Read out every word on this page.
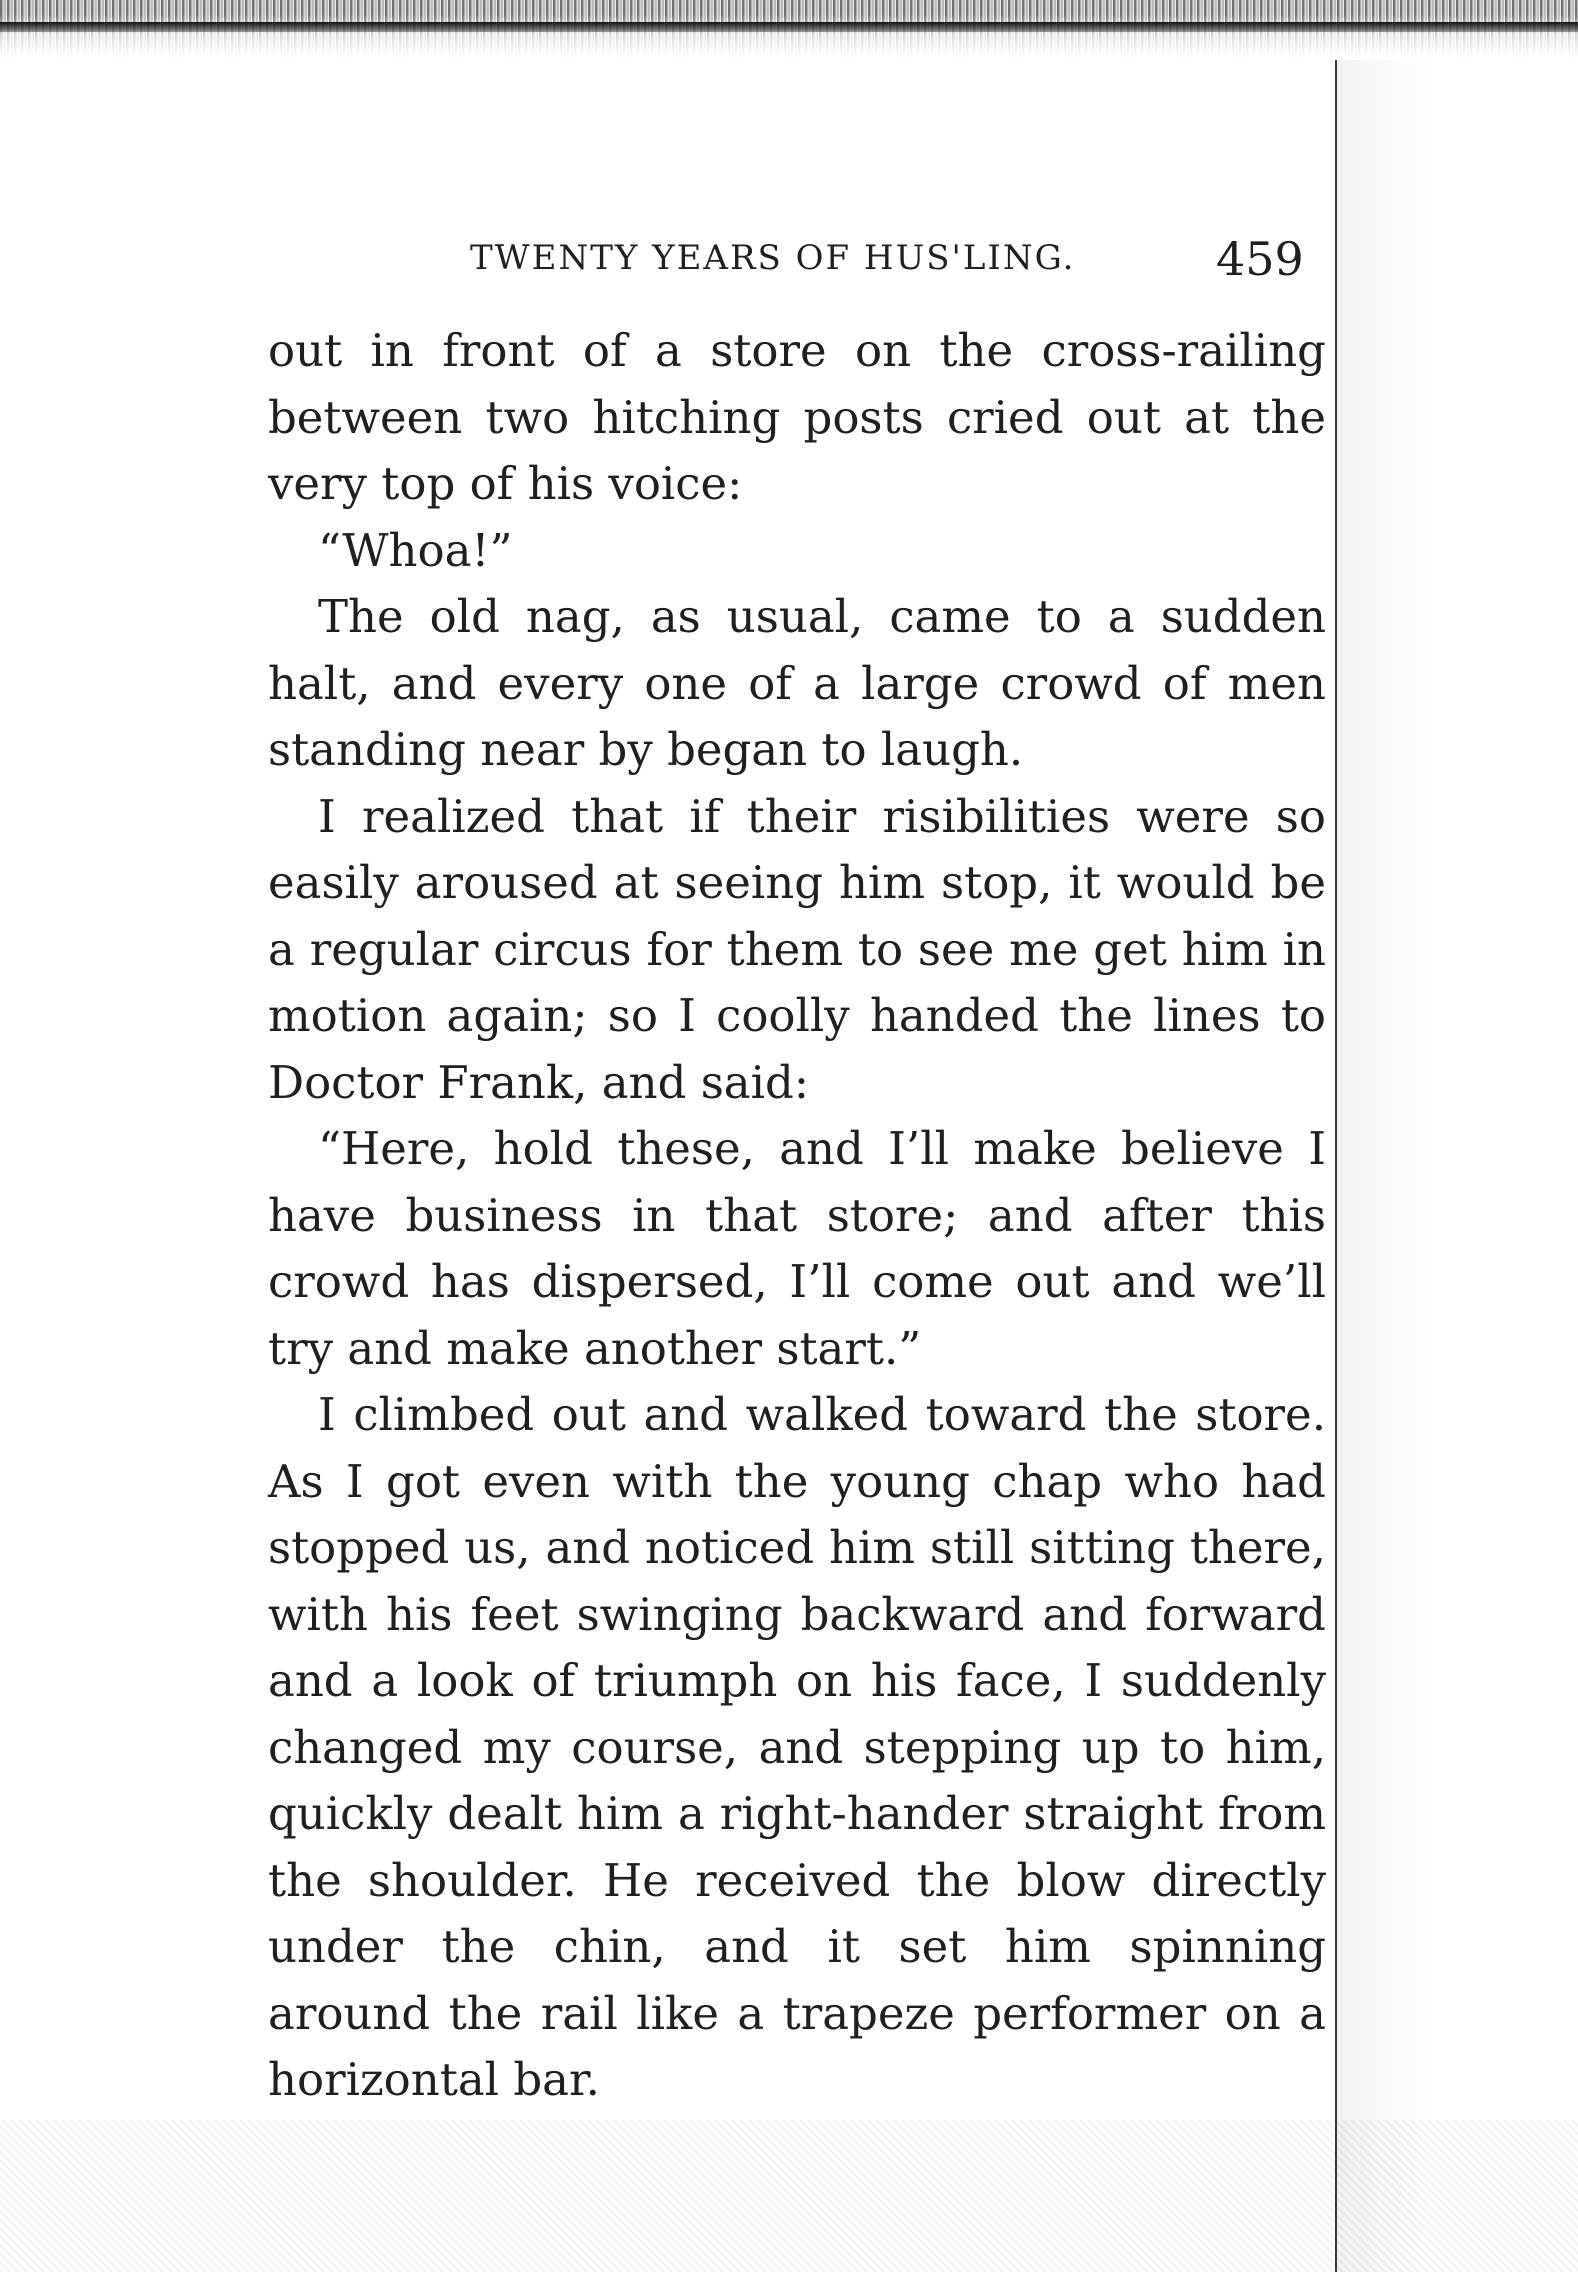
TWENTY YEARS OF HUS'LING.	459

out in front of a store on the cross-railing between two hitching posts cried out at the very top of his voice:

“Whoa!”

The old nag, as usual, came to a sudden halt, and every one of a large crowd of men standing near by began to laugh.

I realized that if their risibilities were so easily aroused at seeing him stop, it would be a regular circus for them to see me get him in motion again; so I coolly handed the lines to Doctor Frank, and said:

“Here, hold these, and I’ll make believe I have business in that store; and after this crowd has dispersed, I’ll come out and we’ll try and make another start.”

I climbed out and walked toward the store. As I got even with the young chap who had stopped us, and noticed him still sitting there, with his feet swinging backward and forward and a look of triumph on his face, I suddenly changed my course, and stepping up to him, quickly dealt him a right-hander straight from the shoulder. He received the blow directly under the chin, and it set him spinning around the rail like a trapeze performer on a horizontal bar.
